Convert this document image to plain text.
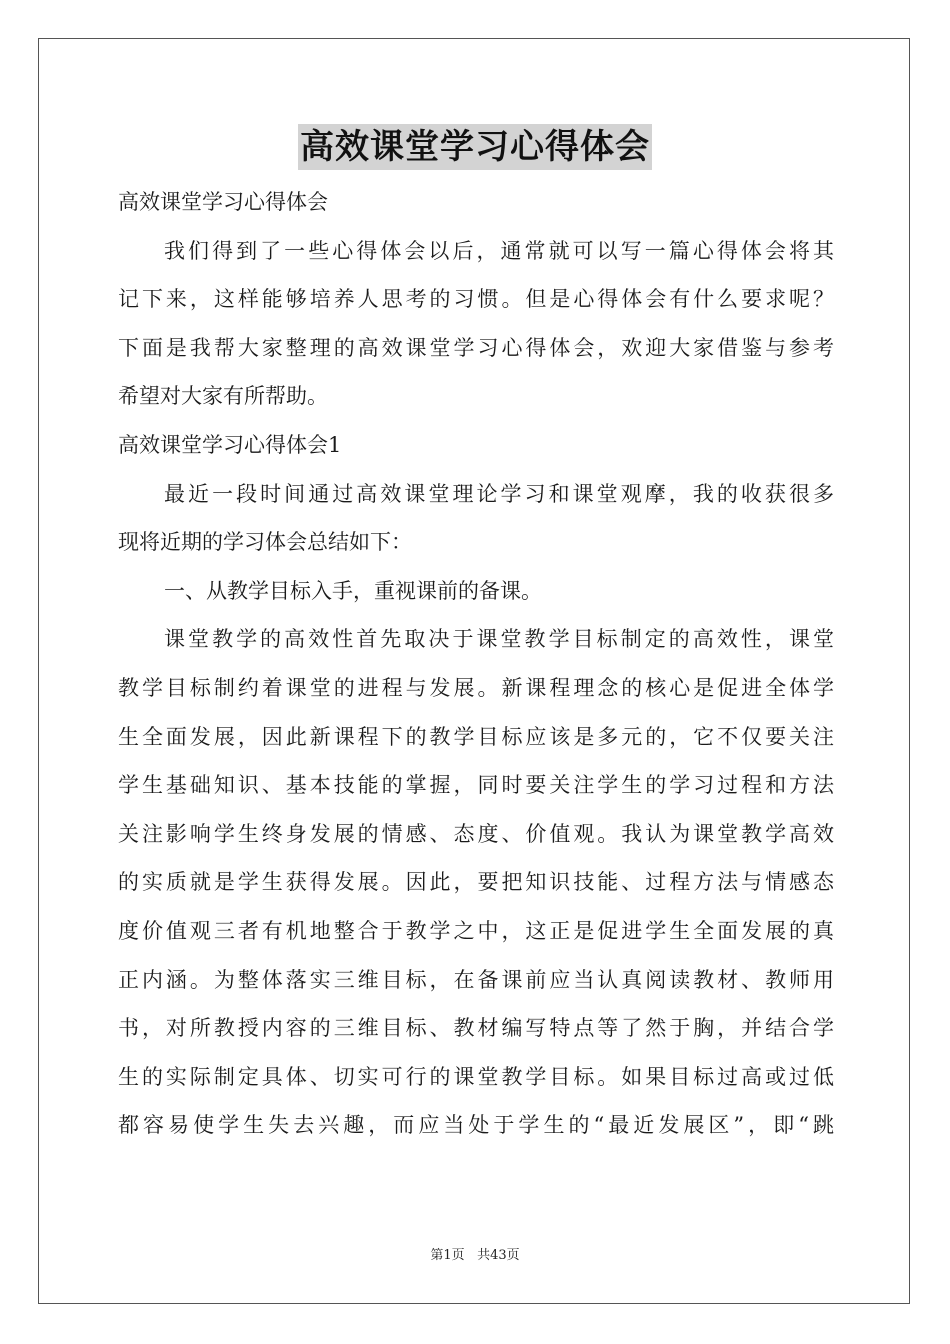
高效课堂学习心得体会
高效课堂学习心得体会
我们得到了一些心得体会以后，通常就可以写一篇心得体会将其
记下来，这样能够培养人思考的习惯。但是心得体会有什么要求呢？
下面是我帮大家整理的高效课堂学习心得体会，欢迎大家借鉴与参考
希望对大家有所帮助。
高效课堂学习心得体会1
最近一段时间通过高效课堂理论学习和课堂观摩，我的收获很多
现将近期的学习体会总结如下：
一、从教学目标入手，重视课前的备课。
课堂教学的高效性首先取决于课堂教学目标制定的高效性，课堂
教学目标制约着课堂的进程与发展。新课程理念的核心是促进全体学
生全面发展，因此新课程下的教学目标应该是多元的，它不仅要关注
学生基础知识、基本技能的掌握，同时要关注学生的学习过程和方法
关注影响学生终身发展的情感、态度、价值观。我认为课堂教学高效
的实质就是学生获得发展。因此，要把知识技能、过程方法与情感态
度价值观三者有机地整合于教学之中，这正是促进学生全面发展的真
正内涵。为整体落实三维目标，在备课前应当认真阅读教材、教师用
书，对所教授内容的三维目标、教材编写特点等了然于胸，并结合学
生的实际制定具体、切实可行的课堂教学目标。如果目标过高或过低
都容易使学生失去兴趣，而应当处于学生的“最近发展区”，即“跳
第1页 共43页
